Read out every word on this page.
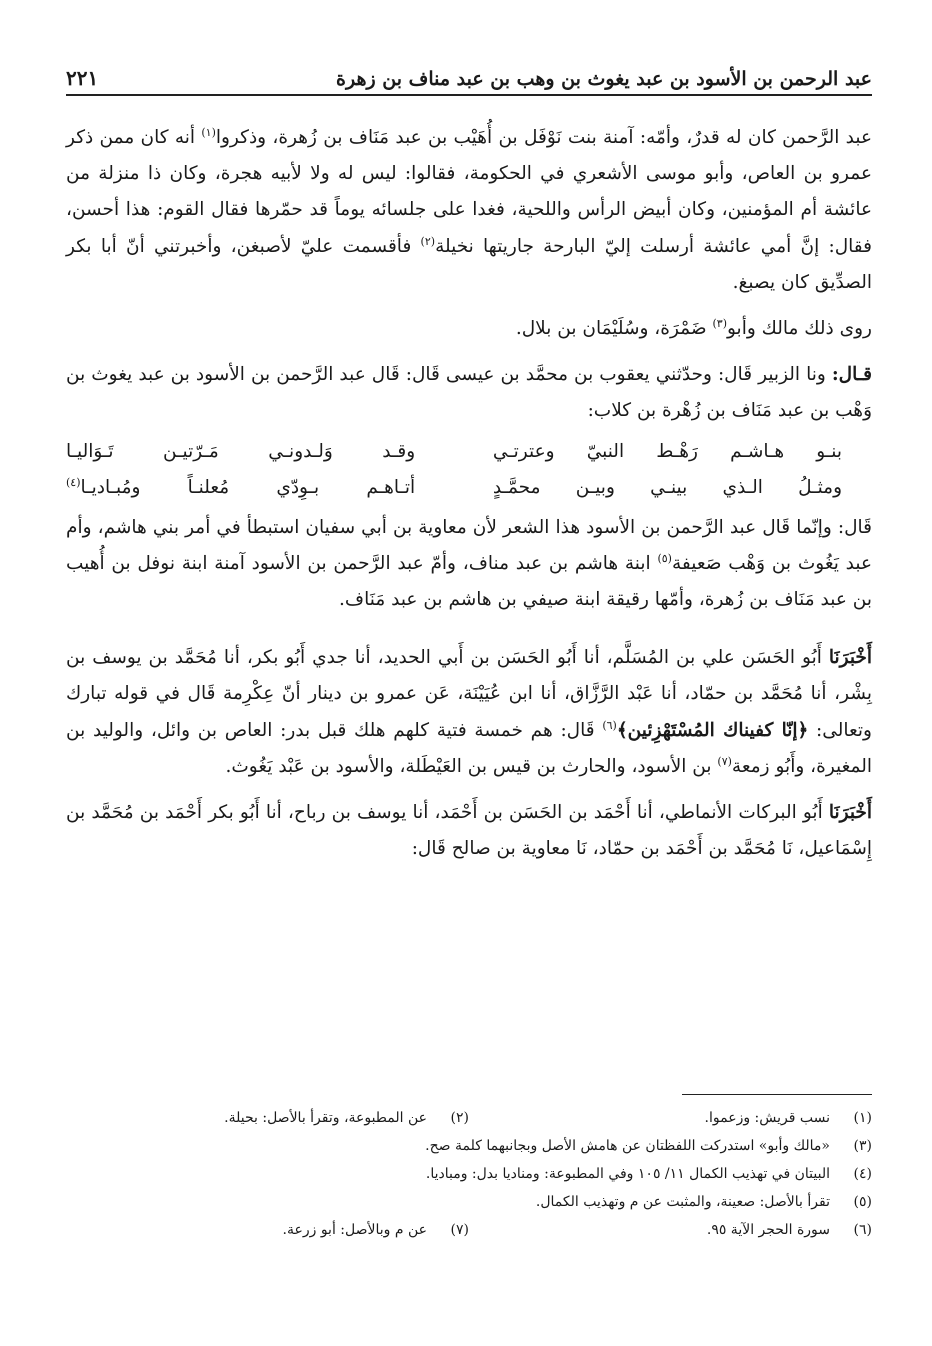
عبد الرحمن بن الأسود بن عبد يغوث بن وهب بن عبد مناف بن زهرة
٢٢١

عبد الرَّحمن كان له قدرٌ، وأمّه: آمنة بنت نَوْفَل بن أُهَيْب بن عبد مَنَاف بن زُهرة، وذكروا$^{(١)}$ أنه كان ممن ذكر عمرو بن العاص، وأبو موسى الأشعري في الحكومة، فقالوا: ليس له ولا لأبيه هجرة، وكان ذا منزلة من عائشة أم المؤمنين، وكان أبيض الرأس واللحية، فغدا على جلسائه يوماً قد حمّرها فقال القوم: هذا أحسن، فقال: إنَّ أمي عائشة أرسلت إليّ البارحة جاريتها نخيلة$^{(٢)}$ فأقسمت عليّ لأصبغن، وأخبرتني أنّ أبا بكر الصدِّيق كان يصبغ.

روى ذلك مالك وأبو$^{(٣)}$ ضَمْرَة، وسُلَيْمَان بن بلال.

قـال: ونا الزبير قَال: وحدّثني يعقوب بن محمَّد بن عيسى قَال: قَال عبد الرَّحمن بن الأسود بن عبد يغوث بن وَهْب بن عبد مَنَاف بن زُهْرة بن كلاب:

بنـو هـاشـم رَهْـط النبيّ وعترتـي
وقـد وَلـدونـي مَـرّتيـن تَـوَاليـا
ومثـلُ الـذي بينـي وبيـن محمَّـدٍ
أتـاهـم بـوِدّي مُعلنـاً ومُبـاديـا$^{(٤)}$

قَال: وإنّما قَال عبد الرَّحمن بن الأسود هذا الشعر لأن معاوية بن أبي سفيان استبطأ في أمر بني هاشم، وأم عبد يَغُوث بن وَهْب صَعيفة$^{(٥)}$ ابنة هاشم بن عبد مناف، وأمّ عبد الرَّحمن بن الأسود آمنة ابنة نوفل بن أُهيب بن عبد مَنَاف بن زُهرة، وأمّها رقيقة ابنة صيفي بن هاشم بن عبد مَنَاف.

أَخْبَرَنَا أَبُو الحَسَن علي بن المُسَلَّم، أنا أَبُو الحَسَن بن أَبي الحديد، أنا جدي أَبُو بكر، أنا مُحَمَّد بن يوسف بن بِشْر، أنا مُحَمَّد بن حمّاد، أنا عَبْد الرَّزَّاق، أنا ابن عُيَيْنَة، عَن عمرو بن دينار أنّ عِكْرِمة قَال في قوله تبارك وتعالى: ﴿إنّا كفيناك المُسْتَهْزِئين﴾$^{(٦)}$ قَال: هم خمسة فتية كلهم هلك قبل بدر: العاص بن وائل، والوليد بن المغيرة، وأَبُو زمعة$^{(٧)}$ بن الأسود، والحارث بن قيس بن العَيْطَلة، والأسود بن عَبْد يَغُوث.

أَخْبَرَنَا أَبُو البركات الأنماطي، أنا أَحْمَد بن الحَسَن بن أَحْمَد، أنا يوسف بن رباح، أنا أَبُو بكر أَحْمَد بن مُحَمَّد بن إِسْمَاعيل، نَا مُحَمَّد بن أَحْمَد بن حمّاد، نَا معاوية بن صالح قَال:

(١)
نسب قريش: وزعموا.
(٢)
عن المطبوعة، وتقرأ بالأصل: بحيلة.
(٣)
«مالك وأبو» استدركت اللفظتان عن هامش الأصل وبجانبهما كلمة صح.
(٤)
البيتان في تهذيب الكمال ١١/ ١٠٥ وفي المطبوعة: ومناديا بدل: ومباديا.
(٥)
تقرأ بالأصل: صعينة، والمثبت عن م وتهذيب الكمال.
(٦)
سورة الحجر الآية ٩٥.
(٧)
عن م وبالأصل: أبو زرعة.
